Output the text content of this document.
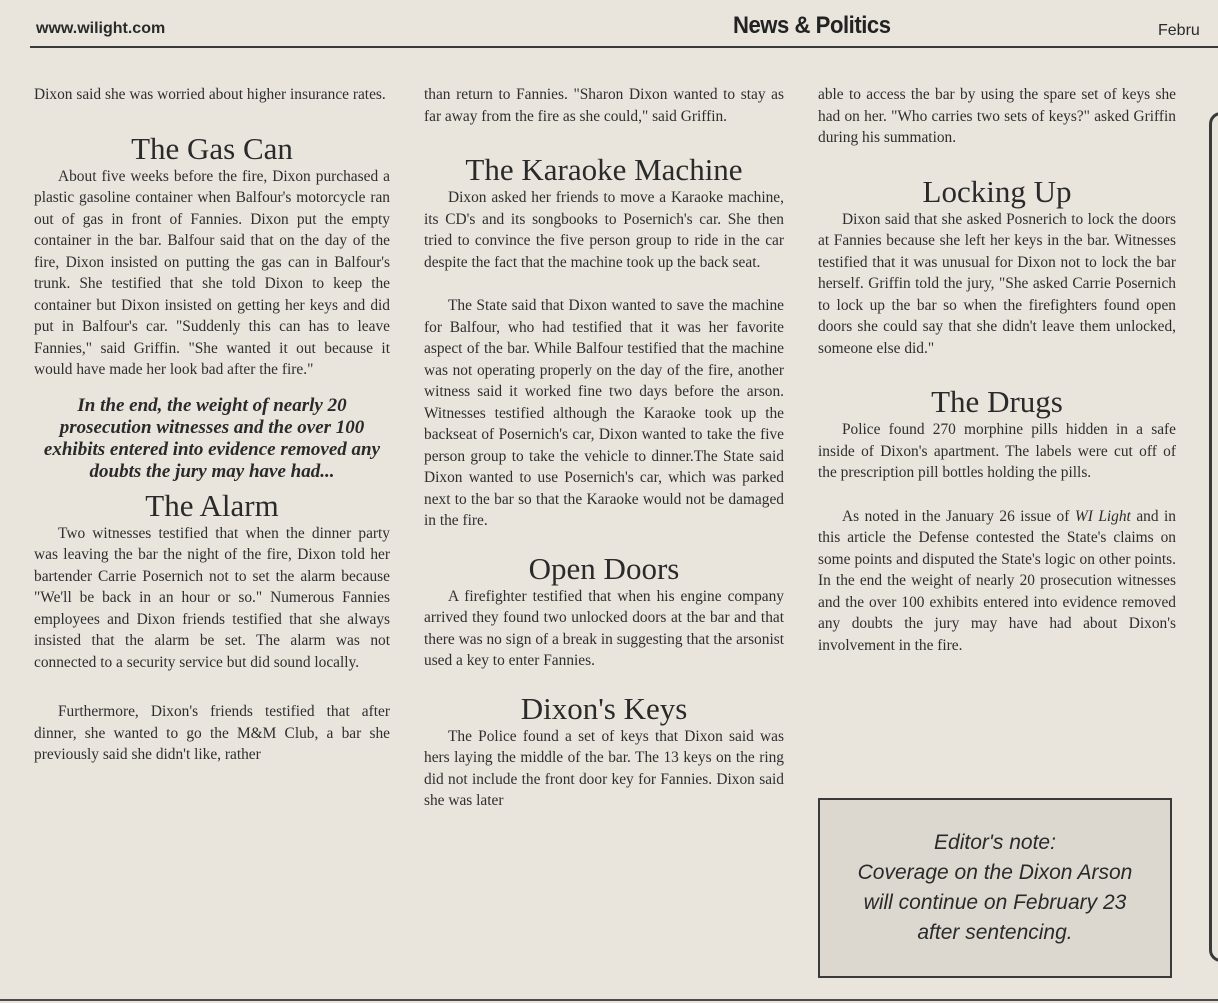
www.wilight.com	News & Politics	Febru

Dixon said she was worried about higher insurance rates.

The Gas Can

About five weeks before the fire, Dixon purchased a plastic gasoline container when Balfour's motorcycle ran out of gas in front of Fannies. Dixon put the empty container in the bar. Balfour said that on the day of the fire, Dixon insisted on putting the gas can in Balfour's trunk. She testified that she told Dixon to keep the container but Dixon insisted on getting her keys and did put in Balfour's car. "Suddenly this can has to leave Fannies," said Griffin. "She wanted it out because it would have made her look bad after the fire."

In the end, the weight of nearly 20 prosecution witnesses and the over 100 exhibits entered into evidence removed any doubts the jury may have had...
The Alarm

Two witnesses testified that when the dinner party was leaving the bar the night of the fire, Dixon told her bartender Carrie Posernich not to set the alarm because "We'll be back in an hour or so." Numerous Fannies employees and Dixon friends testified that she always insisted that the alarm be set. The alarm was not connected to a security service but did sound locally.

Furthermore, Dixon's friends testified that after dinner, she wanted to go the M&M Club, a bar she previously said she didn't like, rather

than return to Fannies. "Sharon Dixon wanted to stay as far away from the fire as she could," said Griffin.

The Karaoke Machine

Dixon asked her friends to move a Karaoke machine, its CD's and its songbooks to Posernich's car. She then tried to convince the five person group to ride in the car despite the fact that the machine took up the back seat.

The State said that Dixon wanted to save the machine for Balfour, who had testified that it was her favorite aspect of the bar. While Balfour testified that the machine was not operating properly on the day of the fire, another witness said it worked fine two days before the arson. Witnesses testified although the Karaoke took up the backseat of Posernich's car, Dixon wanted to take the five person group to take the vehicle to dinner.The State said Dixon wanted to use Posernich's car, which was parked next to the bar so that the Karaoke would not be damaged in the fire.

Open Doors

A firefighter testified that when his engine company arrived they found two unlocked doors at the bar and that there was no sign of a break in suggesting that the arsonist used a key to enter Fannies.

Dixon's Keys

The Police found a set of keys that Dixon said was hers laying the middle of the bar. The 13 keys on the ring did not include the front door key for Fannies. Dixon said she was later

able to access the bar by using the spare set of keys she had on her. "Who carries two sets of keys?" asked Griffin during his summation.

Locking Up

Dixon said that she asked Posnerich to lock the doors at Fannies because she left her keys in the bar. Witnesses testified that it was unusual for Dixon not to lock the bar herself. Griffin told the jury, "She asked Carrie Posernich to lock up the bar so when the firefighters found open doors she could say that she didn't leave them unlocked, someone else did."

The Drugs

Police found 270 morphine pills hidden in a safe inside of Dixon's apartment. The labels were cut off of the prescription pill bottles holding the pills.

As noted in the January 26 issue of WI Light and in this article the Defense contested the State's claims on some points and disputed the State's logic on other points. In the end the weight of nearly 20 prosecution witnesses and the over 100 exhibits entered into evidence removed any doubts the jury may have had about Dixon's involvement in the fire.

Editor's note:
Coverage on the Dixon Arson
will continue on February 23
after sentencing.
